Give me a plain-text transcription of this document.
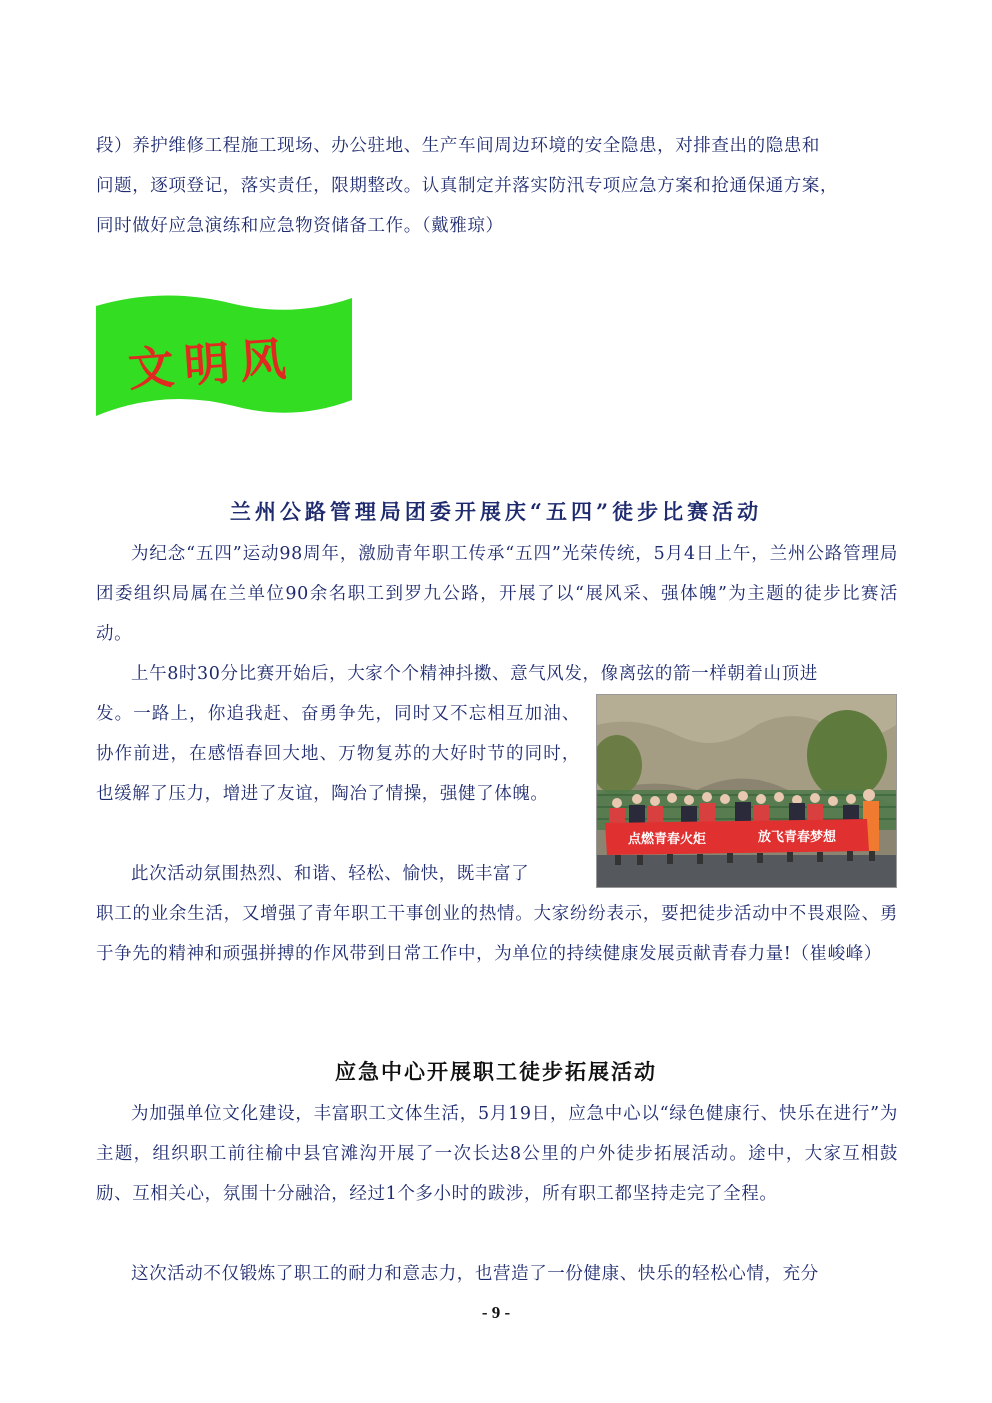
段）养护维修工程施工现场、办公驻地、生产车间周边环境的安全隐患，对排查出的隐患和
问题，逐项登记，落实责任，限期整改。认真制定并落实防汛专项应急方案和抢通保通方案，
同时做好应急演练和应急物资储备工作。（戴雅琼）
文明风
兰州公路管理局团委开展庆“五四”徒步比赛活动

为纪念“五四”运动98周年，激励青年职工传承“五四”光荣传统，5月4日上午，兰州公路管理局团委组织局属在兰单位90余名职工到罗九公路，开展了以“展风采、强体魄”为主题的徒步比赛活动。

上午8时30分比赛开始后，大家个个精神抖擞、意气风发，像离弦的箭一样朝着山顶进

发。一路上，你追我赶、奋勇争先，同时又不忘相互加油、协作前进，在感悟春回大地、万物复苏的大好时节的同时，也缓解了压力，增进了友谊，陶冶了情操，强健了体魄。

此次活动氛围热烈、和谐、轻松、愉快，既丰富了

职工的业余生活，又增强了青年职工干事创业的热情。大家纷纷表示，要把徒步活动中不畏艰险、勇于争先的精神和顽强拼搏的作风带到日常工作中，为单位的持续健康发展贡献青春力量!（崔峻峰）

点燃青春火炬	放飞青春梦想
应急中心开展职工徒步拓展活动

为加强单位文化建设，丰富职工文体生活，5月19日，应急中心以“绿色健康行、快乐在进行”为主题，组织职工前往榆中县官滩沟开展了一次长达8公里的户外徒步拓展活动。途中，大家互相鼓励、互相关心，氛围十分融洽，经过1个多小时的跋涉，所有职工都坚持走完了全程。

这次活动不仅锻炼了职工的耐力和意志力，也营造了一份健康、快乐的轻松心情，充分

- 9 -
